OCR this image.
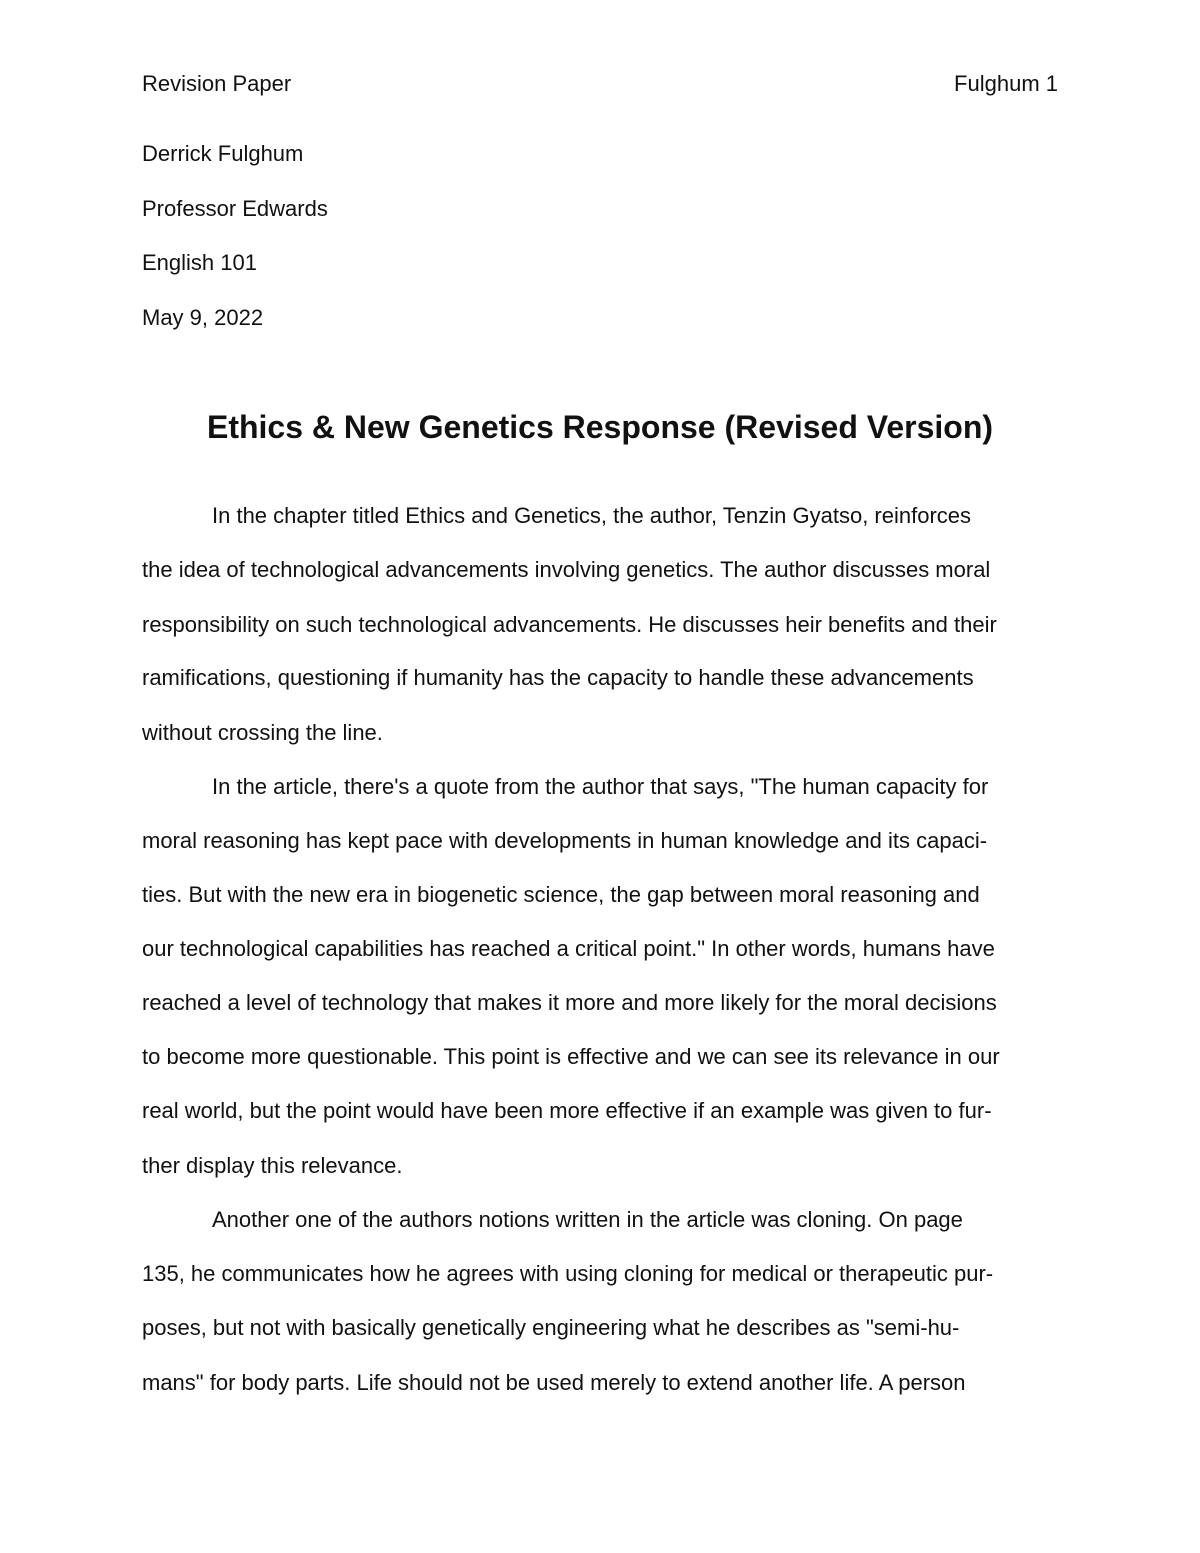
Revision Paper	Fulghum 1
Derrick Fulghum
Professor Edwards
English 101
May 9, 2022
Ethics & New Genetics Response (Revised Version)
In the chapter titled Ethics and Genetics, the author, Tenzin Gyatso, reinforces
the idea of technological advancements involving genetics. The author discusses moral
responsibility on such technological advancements. He discusses heir benefits and their
ramifications, questioning if humanity has the capacity to handle these advancements
without crossing the line.
In the article, there's a quote from the author that says, "The human capacity for
moral reasoning has kept pace with developments in human knowledge and its capaci-
ties. But with the new era in biogenetic science, the gap between moral reasoning and
our technological capabilities has reached a critical point." In other words, humans have
reached a level of technology that makes it more and more likely for the moral decisions
to become more questionable. This point is effective and we can see its relevance in our
real world, but the point would have been more effective if an example was given to fur-
ther display this relevance.
Another one of the authors notions written in the article was cloning. On page
135, he communicates how he agrees with using cloning for medical or therapeutic pur-
poses, but not with basically genetically engineering what he describes as "semi-hu-
mans" for body parts. Life should not be used merely to extend another life. A person
